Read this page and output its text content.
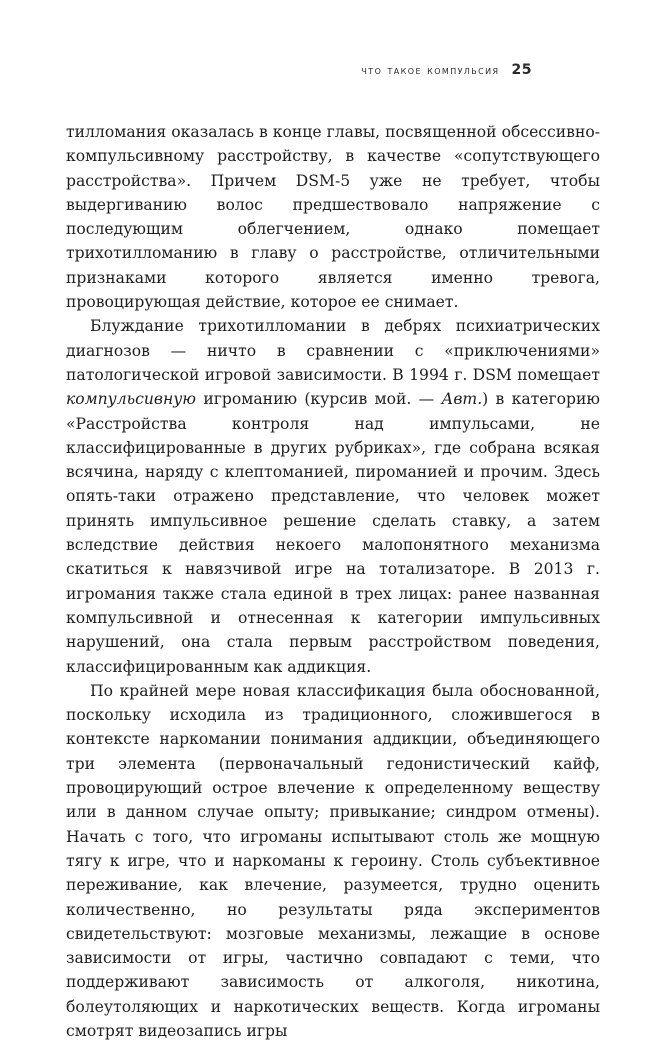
что такое компульсия 25

тилломания оказалась в конце главы, посвященной обсессивно-компульсивному расстройству, в качестве «сопутствующего расстройства». Причем DSM-5 уже не требует, чтобы выдергиванию волос предшествовало напряжение с последующим облегчением, однако помещает трихотилломанию в главу о расстройстве, отличительными признаками которого является именно тревога, провоцирующая действие, которое ее снимает.

Блуждание трихотилломании в дебрях психиатрических диагнозов — ничто в сравнении с «приключениями» патологической игровой зависимости. В 1994 г. DSM помещает компульсивную игроманию (курсив мой. — Авт.) в категорию «Расстройства контроля над импульсами, не классифицированные в других рубриках», где собрана всякая всячина, наряду с клептоманией, пироманией и прочим. Здесь опять-таки отражено представление, что человек может принять импульсивное решение сделать ставку, а затем вследствие действия некоего малопонятного механизма скатиться к навязчивой игре на тотализаторе. В 2013 г. игромания также стала единой в трех лицах: ранее названная компульсивной и отнесенная к категории импульсивных нарушений, она стала первым расстройством поведения, классифицированным как аддикция.

По крайней мере новая классификация была обоснованной, поскольку исходила из традиционного, сложившегося в контексте наркомании понимания аддикции, объединяющего три элемента (первоначальный гедонистический кайф, провоцирующий острое влечение к определенному веществу или в данном случае опыту; привыкание; синдром отмены). Начать с того, что игроманы испытывают столь же мощную тягу к игре, что и наркоманы к героину. Столь субъективное переживание, как влечение, разумеется, трудно оценить количественно, но результаты ряда экспериментов свидетельствуют: мозговые механизмы, лежащие в основе зависимости от игры, частично совпадают с теми, что поддерживают зависимость от алкоголя, никотина, болеутоляющих и наркотических веществ. Когда игроманы смотрят видеозапись игры
